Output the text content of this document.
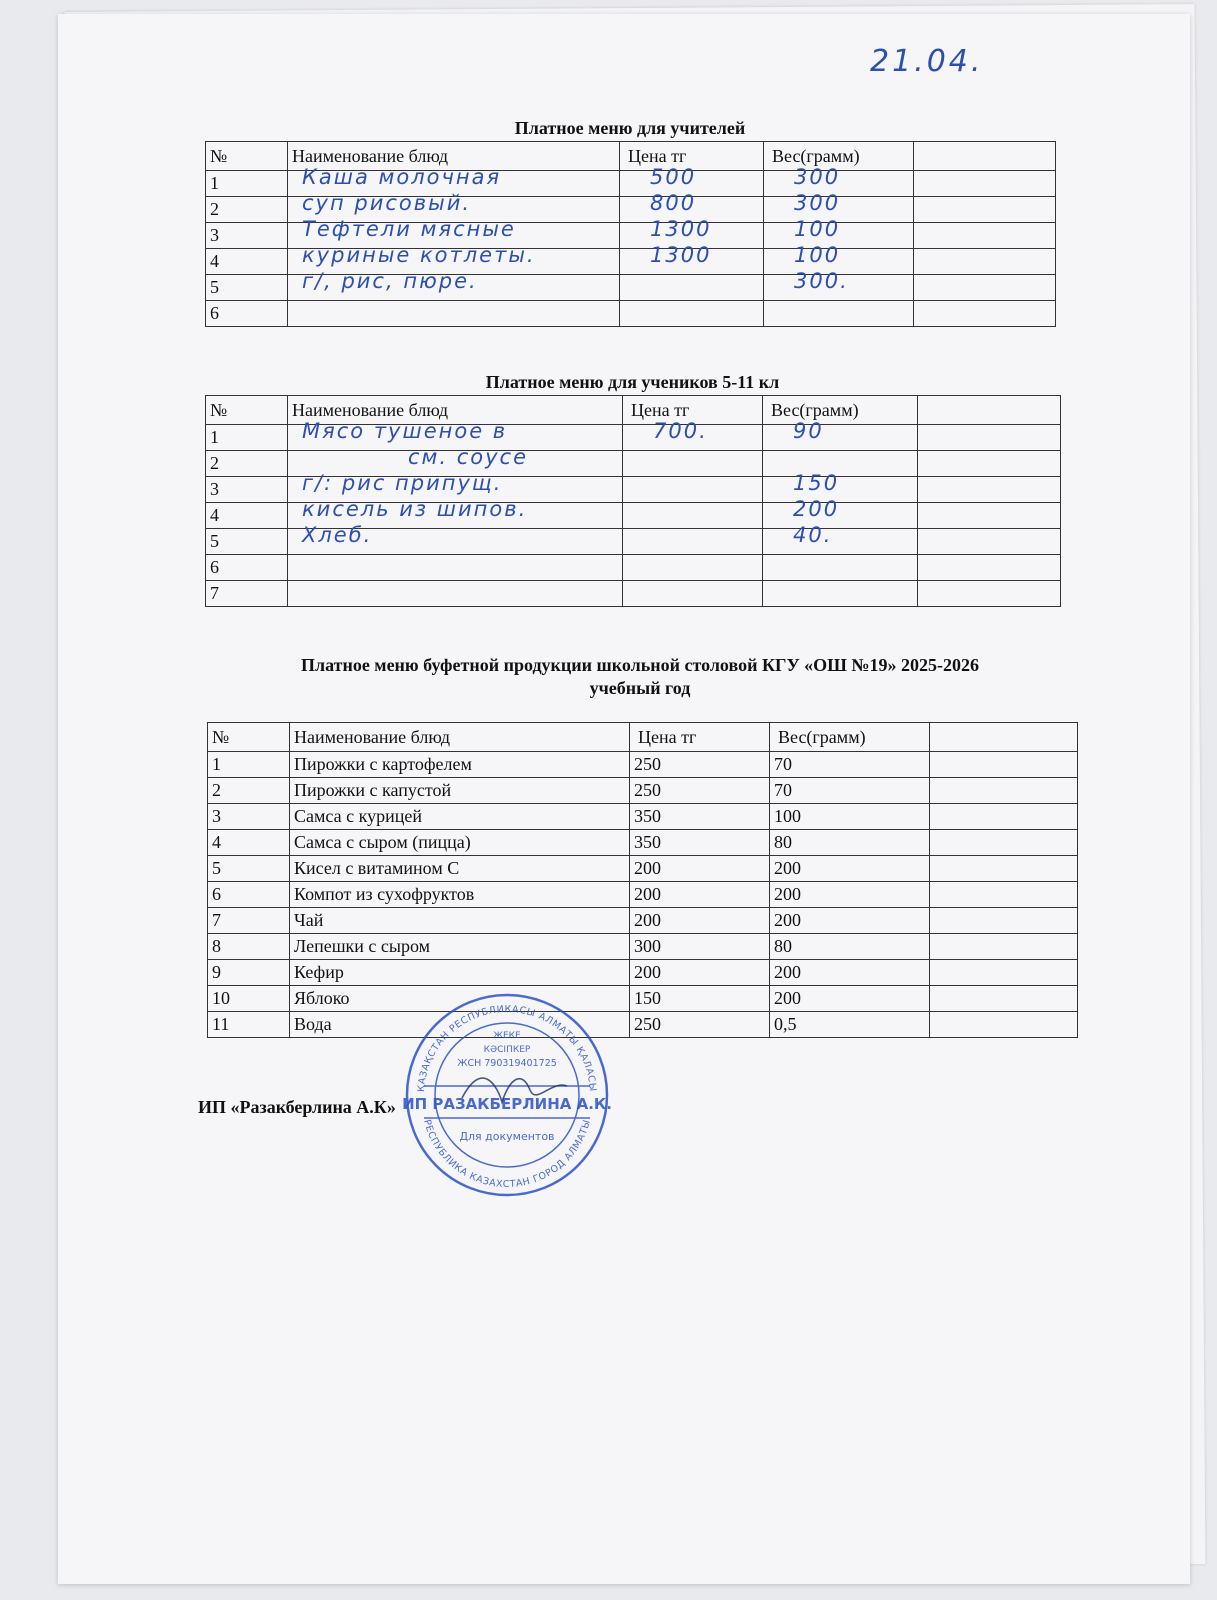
21.04.
Платное меню для учителей
№	Наименование блюд	Цена тг	Вес(грамм)	
1	Каша молочная	500	300	

2	суп рисовый.	800	300	

3	Тефтели мясные	1300	100	

4	куриные котлеты.	1300	100	

5	г/, рис, пюре.		300.	

6	

Платное меню для учеников 5-11 кл
№	Наименование блюд	Цена тг	Вес(грамм)	
1	Мясо тушеное в	700.	90	

2	см. соусе			

3	г/: рис припущ.		150	

4	кисель из шипов.		200	

5	Хлеб.		40.	

6	

7	

Платное меню буфетной продукции школьной столовой КГУ «ОШ №19» 2025-2026
учебный год
№	Наименование блюд	Цена тг	Вес(грамм)	
1	Пирожки с картофелем	250	70	
2	Пирожки с капустой	250	70	
3	Самса с курицей	350	100	
4	Самса с сыром (пицца)	350	80	
5	Кисел с витамином С	200	200	
6	Компот из сухофруктов	200	200	
7	Чай	200	200	
8	Лепешки с сыром	300	80	
9	Кефир	200	200	
10	Яблоко	150	200	
11	Вода	250	0,5	
ИП «Разакберлина А.К»
ҚАЗАҚСТАН РЕСПУБЛИКАСЫ АЛМАТЫ ҚАЛАСЫ
РЕСПУБЛИКА КАЗАХСТАН ГОРОД АЛМАТЫ
ЖЕКЕ
КӘСІПКЕР
ЖСН 790319401725
ИП РАЗАКБЕРЛИНА А.К.
Для документов
